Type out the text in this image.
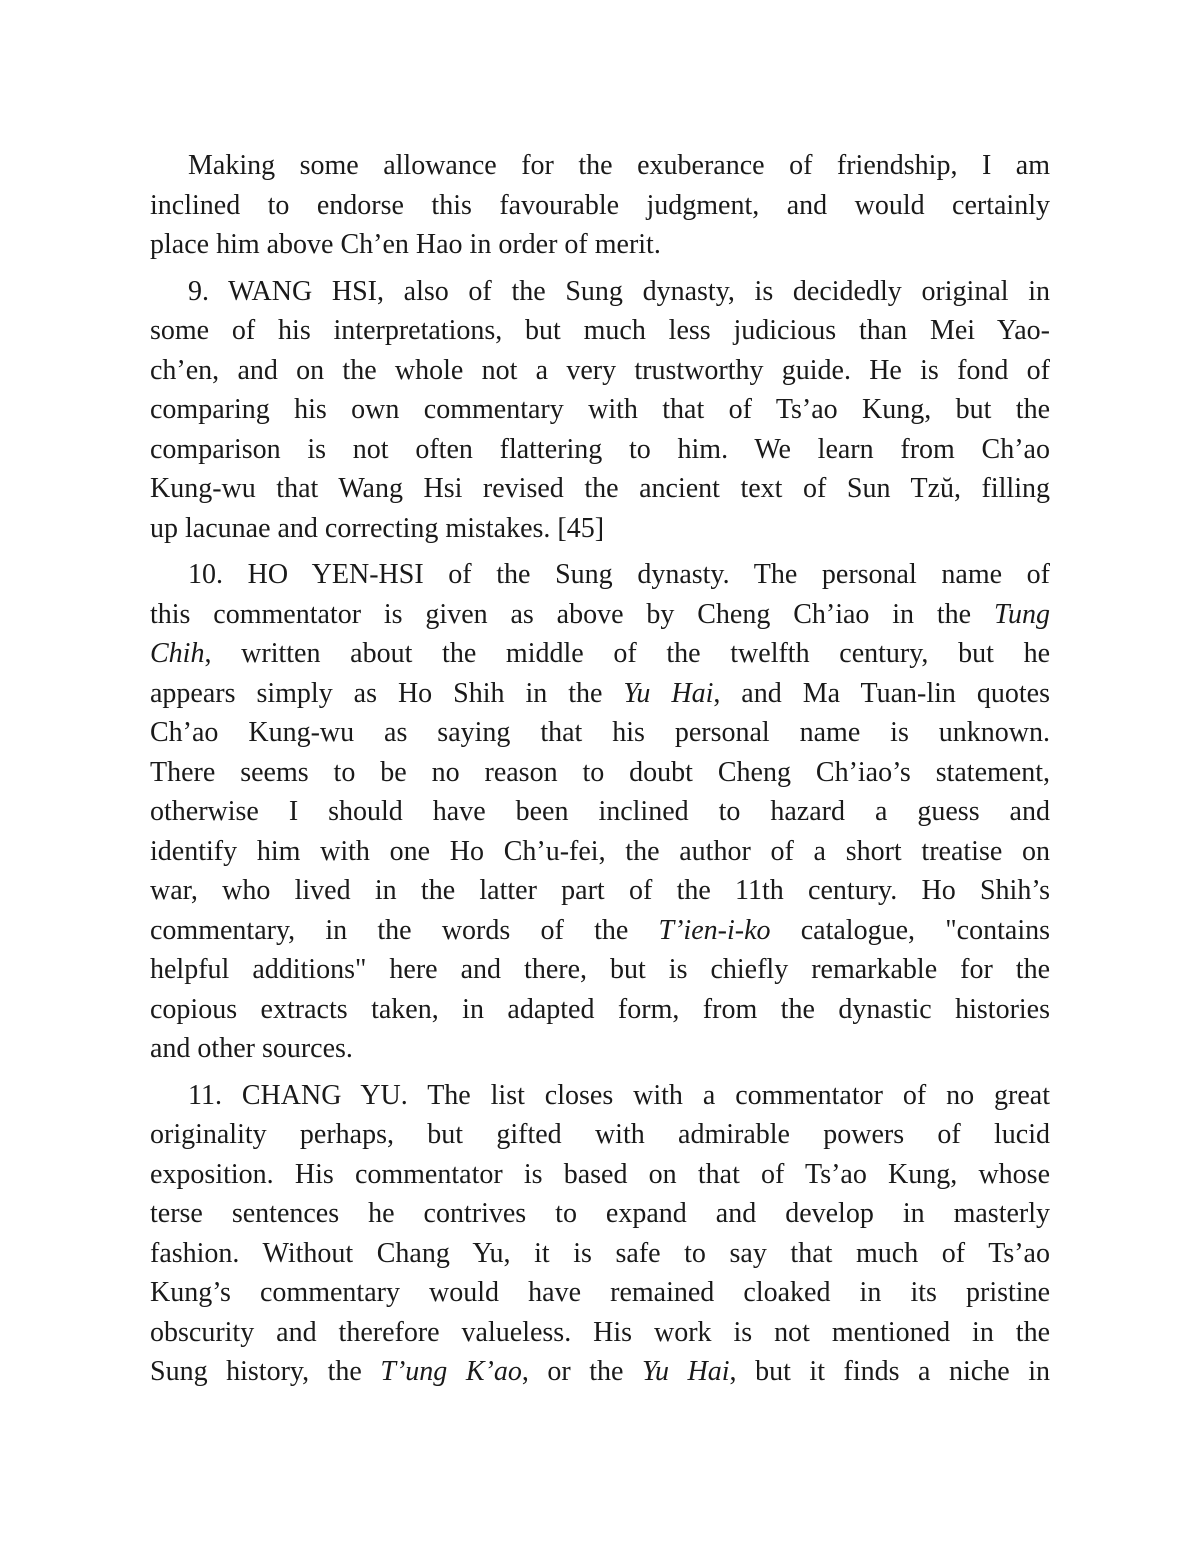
Making some allowance for the exuberance of friendship, I am
inclined to endorse this favourable judgment, and would certainly
place him above Ch’en Hao in order of merit.
9. WANG HSI, also of the Sung dynasty, is decidedly original in
some of his interpretations, but much less judicious than Mei Yao-
ch’en, and on the whole not a very trustworthy guide. He is fond of
comparing his own commentary with that of Ts’ao Kung, but the
comparison is not often flattering to him. We learn from Ch’ao
Kung-wu that Wang Hsi revised the ancient text of Sun Tzŭ, filling
up lacunae and correcting mistakes. [45]
10. HO YEN-HSI of the Sung dynasty. The personal name of
this commentator is given as above by Cheng Ch’iao in the Tung
Chih, written about the middle of the twelfth century, but he
appears simply as Ho Shih in the Yu Hai, and Ma Tuan-lin quotes
Ch’ao Kung-wu as saying that his personal name is unknown.
There seems to be no reason to doubt Cheng Ch’iao’s statement,
otherwise I should have been inclined to hazard a guess and
identify him with one Ho Ch’u-fei, the author of a short treatise on
war, who lived in the latter part of the 11th century. Ho Shih’s
commentary, in the words of the T’ien-i-ko catalogue, "contains
helpful additions" here and there, but is chiefly remarkable for the
copious extracts taken, in adapted form, from the dynastic histories
and other sources.
11. CHANG YU. The list closes with a commentator of no great
originality perhaps, but gifted with admirable powers of lucid
exposition. His commentator is based on that of Ts’ao Kung, whose
terse sentences he contrives to expand and develop in masterly
fashion. Without Chang Yu, it is safe to say that much of Ts’ao
Kung’s commentary would have remained cloaked in its pristine
obscurity and therefore valueless. His work is not mentioned in the
Sung history, the T’ung K’ao, or the Yu Hai, but it finds a niche in
